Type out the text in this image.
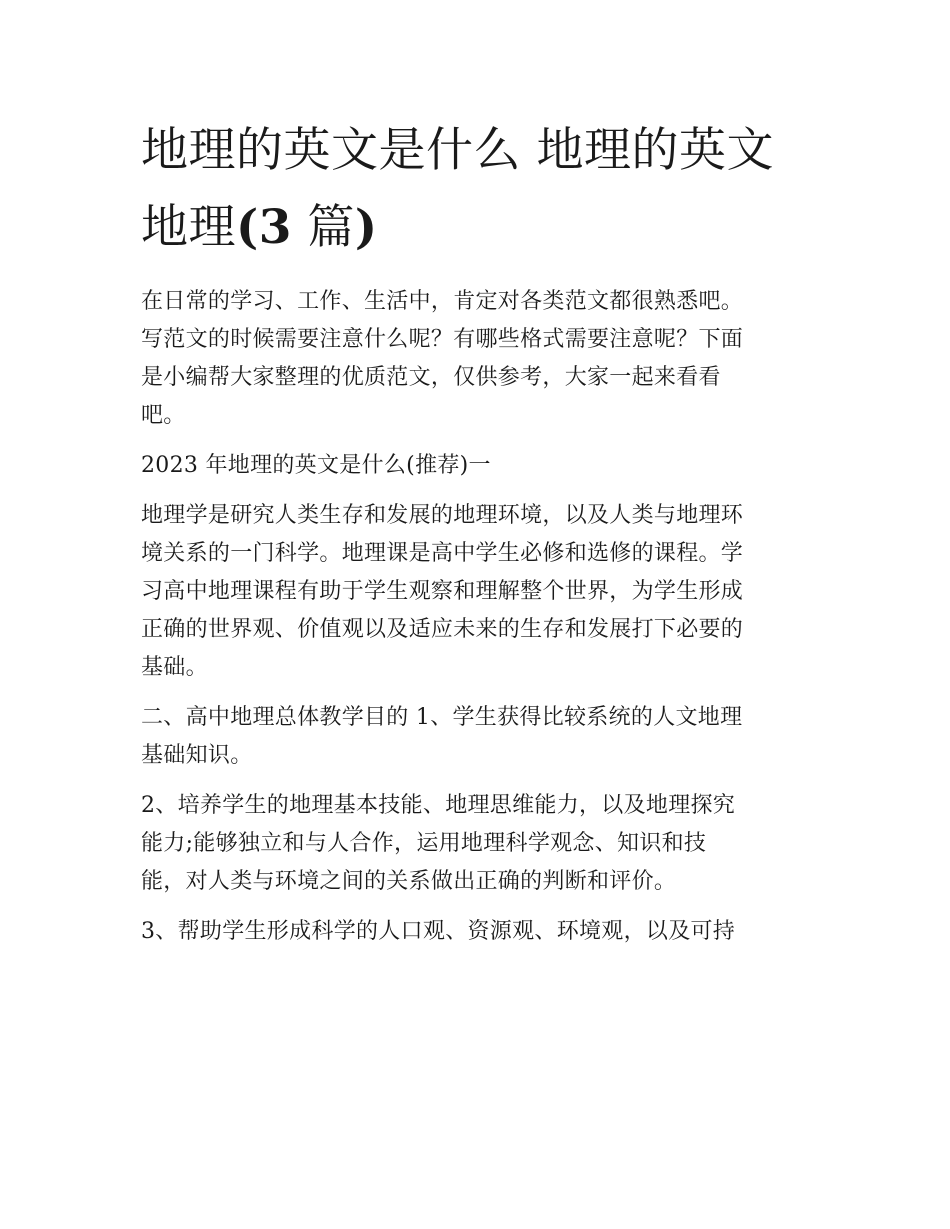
地理的英文是什么 地理的英文
地理(3 篇)

在日常的学习、工作、生活中，肯定对各类范文都很熟悉吧。
写范文的时候需要注意什么呢？有哪些格式需要注意呢？下面
是小编帮大家整理的优质范文，仅供参考，大家一起来看看
吧。

2023 年地理的英文是什么(推荐)一

地理学是研究人类生存和发展的地理环境，以及人类与地理环
境关系的一门科学。地理课是高中学生必修和选修的课程。学
习高中地理课程有助于学生观察和理解整个世界，为学生形成
正确的世界观、价值观以及适应未来的生存和发展打下必要的
基础。

二、高中地理总体教学目的 1、学生获得比较系统的人文地理
基础知识。

2、培养学生的地理基本技能、地理思维能力，以及地理探究
能力;能够独立和与人合作，运用地理科学观念、知识和技
能，对人类与环境之间的关系做出正确的判断和评价。

3、帮助学生形成科学的人口观、资源观、环境观，以及可持
